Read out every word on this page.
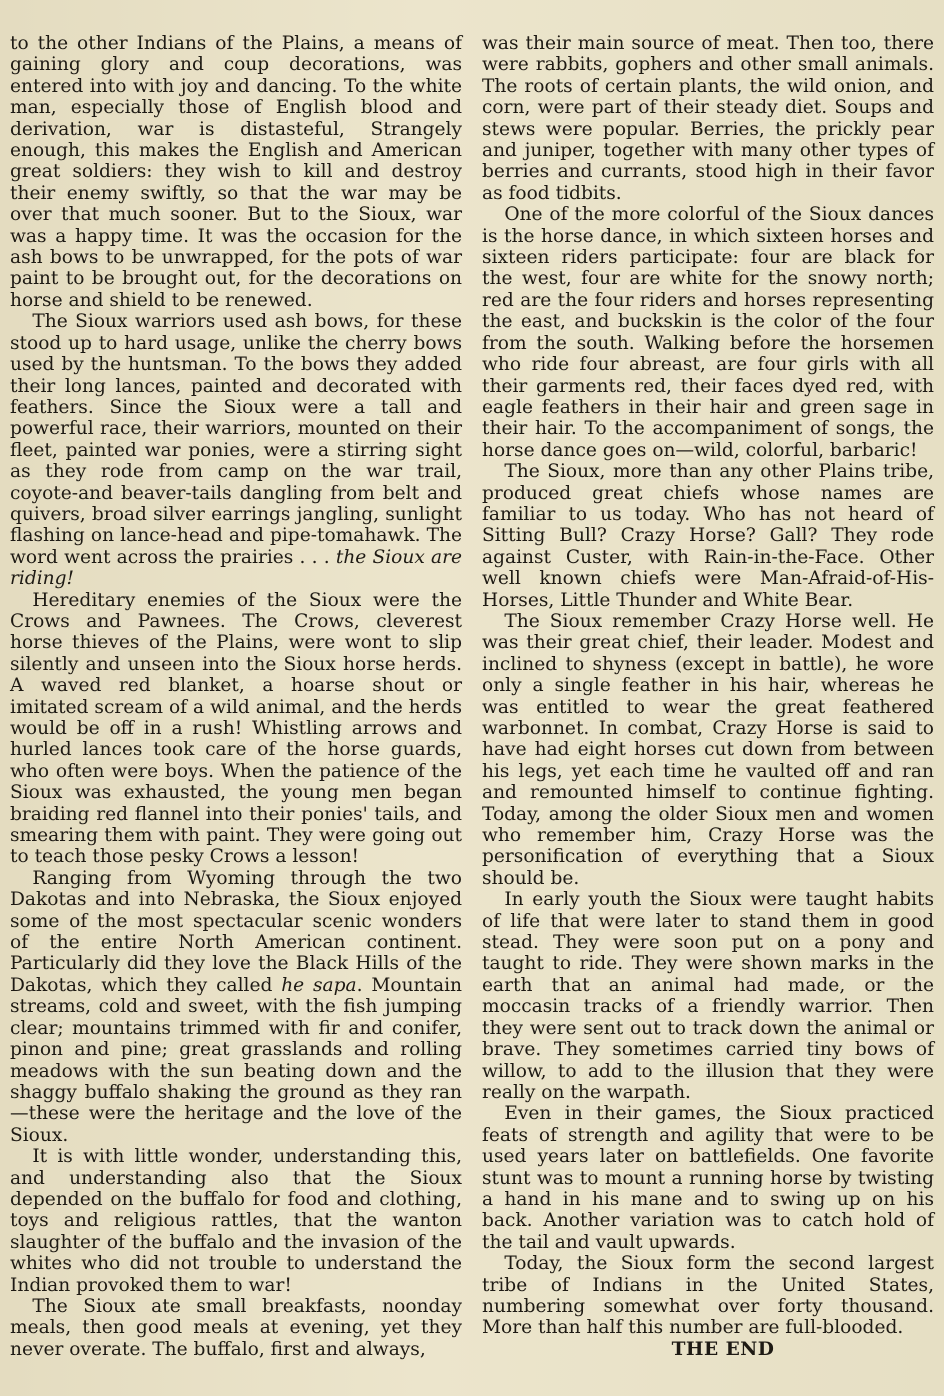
to the other Indians of the Plains, a means of gaining glory and coup decorations, was entered into with joy and dancing. To the white man, especially those of English blood and derivation, war is distasteful, Strangely enough, this makes the English and American great soldiers: they wish to kill and destroy their enemy swiftly, so that the war may be over that much sooner. But to the Sioux, war was a happy time. It was the occasion for the ash bows to be unwrapped, for the pots of war paint to be brought out, for the decorations on horse and shield to be renewed.

The Sioux warriors used ash bows, for these stood up to hard usage, unlike the cherry bows used by the huntsman. To the bows they added their long lances, painted and decorated with feathers. Since the Sioux were a tall and powerful race, their warriors, mounted on their fleet, painted war ponies, were a stirring sight as they rode from camp on the war trail, coyote-and beaver-tails dangling from belt and quivers, broad silver earrings jangling, sunlight flashing on lance-head and pipe-tomahawk. The word went across the prairies . . . the Sioux are riding!

Hereditary enemies of the Sioux were the Crows and Pawnees. The Crows, cleverest horse thieves of the Plains, were wont to slip silently and unseen into the Sioux horse herds. A waved red blanket, a hoarse shout or imitated scream of a wild animal, and the herds would be off in a rush! Whistling arrows and hurled lances took care of the horse guards, who often were boys. When the patience of the Sioux was exhausted, the young men began braiding red flannel into their ponies' tails, and smearing them with paint. They were going out to teach those pesky Crows a lesson!

Ranging from Wyoming through the two Dakotas and into Nebraska, the Sioux enjoyed some of the most spectacular scenic wonders of the entire North American continent. Particularly did they love the Black Hills of the Dakotas, which they called he sapa. Mountain streams, cold and sweet, with the fish jumping clear; mountains trimmed with fir and conifer, pinon and pine; great grasslands and rolling meadows with the sun beating down and the shaggy buffalo shaking the ground as they ran—these were the heritage and the love of the Sioux.

It is with little wonder, understanding this, and understanding also that the Sioux depended on the buffalo for food and clothing, toys and religious rattles, that the wanton slaughter of the buffalo and the invasion of the whites who did not trouble to understand the Indian provoked them to war!

The Sioux ate small breakfasts, noonday meals, then good meals at evening, yet they never overate. The buffalo, first and always,

was their main source of meat. Then too, there were rabbits, gophers and other small animals. The roots of certain plants, the wild onion, and corn, were part of their steady diet. Soups and stews were popular. Berries, the prickly pear and juniper, together with many other types of berries and currants, stood high in their favor as food tidbits.

One of the more colorful of the Sioux dances is the horse dance, in which sixteen horses and sixteen riders participate: four are black for the west, four are white for the snowy north; red are the four riders and horses representing the east, and buckskin is the color of the four from the south. Walking before the horsemen who ride four abreast, are four girls with all their garments red, their faces dyed red, with eagle feathers in their hair and green sage in their hair. To the accompaniment of songs, the horse dance goes on—wild, colorful, barbaric!

The Sioux, more than any other Plains tribe, produced great chiefs whose names are familiar to us today. Who has not heard of Sitting Bull? Crazy Horse? Gall? They rode against Custer, with Rain-in-the-Face. Other well known chiefs were Man-Afraid-of-His-Horses, Little Thunder and White Bear.

The Sioux remember Crazy Horse well. He was their great chief, their leader. Modest and inclined to shyness (except in battle), he wore only a single feather in his hair, whereas he was entitled to wear the great feathered warbonnet. In combat, Crazy Horse is said to have had eight horses cut down from between his legs, yet each time he vaulted off and ran and remounted himself to continue fighting. Today, among the older Sioux men and women who remember him, Crazy Horse was the personification of everything that a Sioux should be.

In early youth the Sioux were taught habits of life that were later to stand them in good stead. They were soon put on a pony and taught to ride. They were shown marks in the earth that an animal had made, or the moccasin tracks of a friendly warrior. Then they were sent out to track down the animal or brave. They sometimes carried tiny bows of willow, to add to the illusion that they were really on the warpath.

Even in their games, the Sioux practiced feats of strength and agility that were to be used years later on battlefields. One favorite stunt was to mount a running horse by twisting a hand in his mane and to swing up on his back. Another variation was to catch hold of the tail and vault upwards.

Today, the Sioux form the second largest tribe of Indians in the United States, numbering somewhat over forty thousand. More than half this number are full-blooded.

THE END
